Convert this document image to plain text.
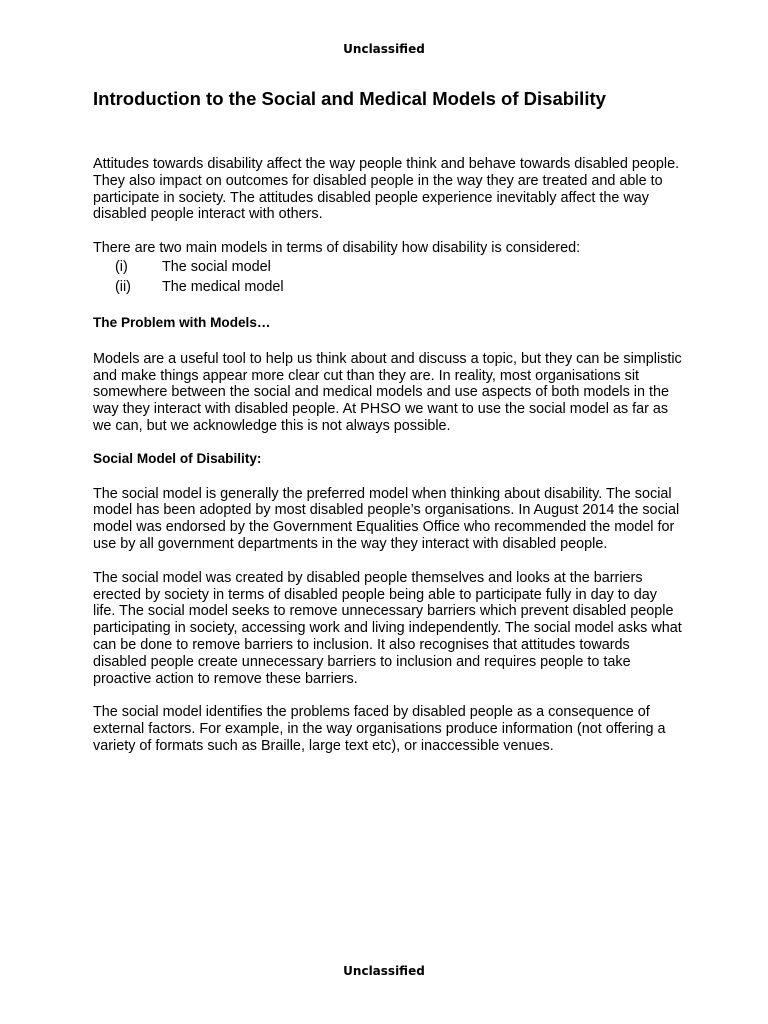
Unclassified
Introduction to the Social and Medical Models of Disability

Attitudes towards disability affect the way people think and behave towards disabled people. They also impact on outcomes for disabled people in the way they are treated and able to participate in society. The attitudes disabled people experience inevitably affect the way disabled people interact with others.

There are two main models in terms of disability how disability is considered:

(i)	The social model
(ii)	The medical model

The Problem with Models…

Models are a useful tool to help us think about and discuss a topic, but they can be simplistic and make things appear more clear cut than they are. In reality, most organisations sit somewhere between the social and medical models and use aspects of both models in the way they interact with disabled people. At PHSO we want to use the social model as far as we can, but we acknowledge this is not always possible.

Social Model of Disability:

The social model is generally the preferred model when thinking about disability. The social model has been adopted by most disabled people’s organisations. In August 2014 the social model was endorsed by the Government Equalities Office who recommended the model for use by all government departments in the way they interact with disabled people.

The social model was created by disabled people themselves and looks at the barriers erected by society in terms of disabled people being able to participate fully in day to day life. The social model seeks to remove unnecessary barriers which prevent disabled people participating in society, accessing work and living independently. The social model asks what can be done to remove barriers to inclusion. It also recognises that attitudes towards disabled people create unnecessary barriers to inclusion and requires people to take proactive action to remove these barriers.

The social model identifies the problems faced by disabled people as a consequence of external factors. For example, in the way organisations produce information (not offering a variety of formats such as Braille, large text etc), or inaccessible venues.

Unclassified
